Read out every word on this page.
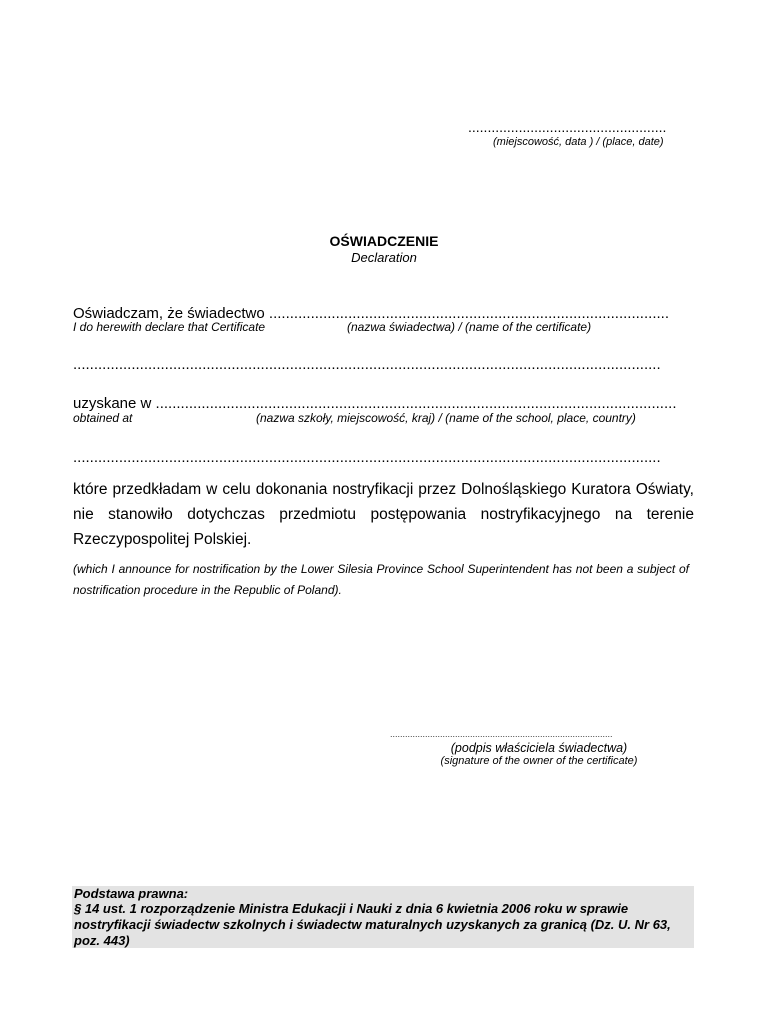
...................................................
(miejscowość, data ) / (place, date)
OŚWIADCZENIE
Declaration
Oświadczam, że świadectwo ................................................................................................
I do herewith declare that Certificate	(nazwa świadectwa) / (name of the certificate)
.............................................................................................................................................
uzyskane w .............................................................................................................................
obtained at	(nazwa szkoły, miejscowość, kraj) / (name of the school, place, country)
.............................................................................................................................................
które przedkładam w celu dokonania nostryfikacji przez Dolnośląskiego Kuratora Oświaty, nie stanowiło dotychczas przedmiotu postępowania nostryfikacyjnego na terenie Rzeczypospolitej Polskiej.
(which I announce for nostrification by the Lower Silesia Province School Superintendent has not been a subject of nostrification procedure in the Republic of Poland).
.........................................................................................
(podpis właściciela świadectwa)
(signature of the owner of the certificate)
Podstawa prawna:
§ 14 ust. 1 rozporządzenie Ministra Edukacji i Nauki z dnia 6 kwietnia 2006 roku w sprawie nostryfikacji świadectw szkolnych i świadectw maturalnych uzyskanych za granicą (Dz. U. Nr 63, poz. 443)
